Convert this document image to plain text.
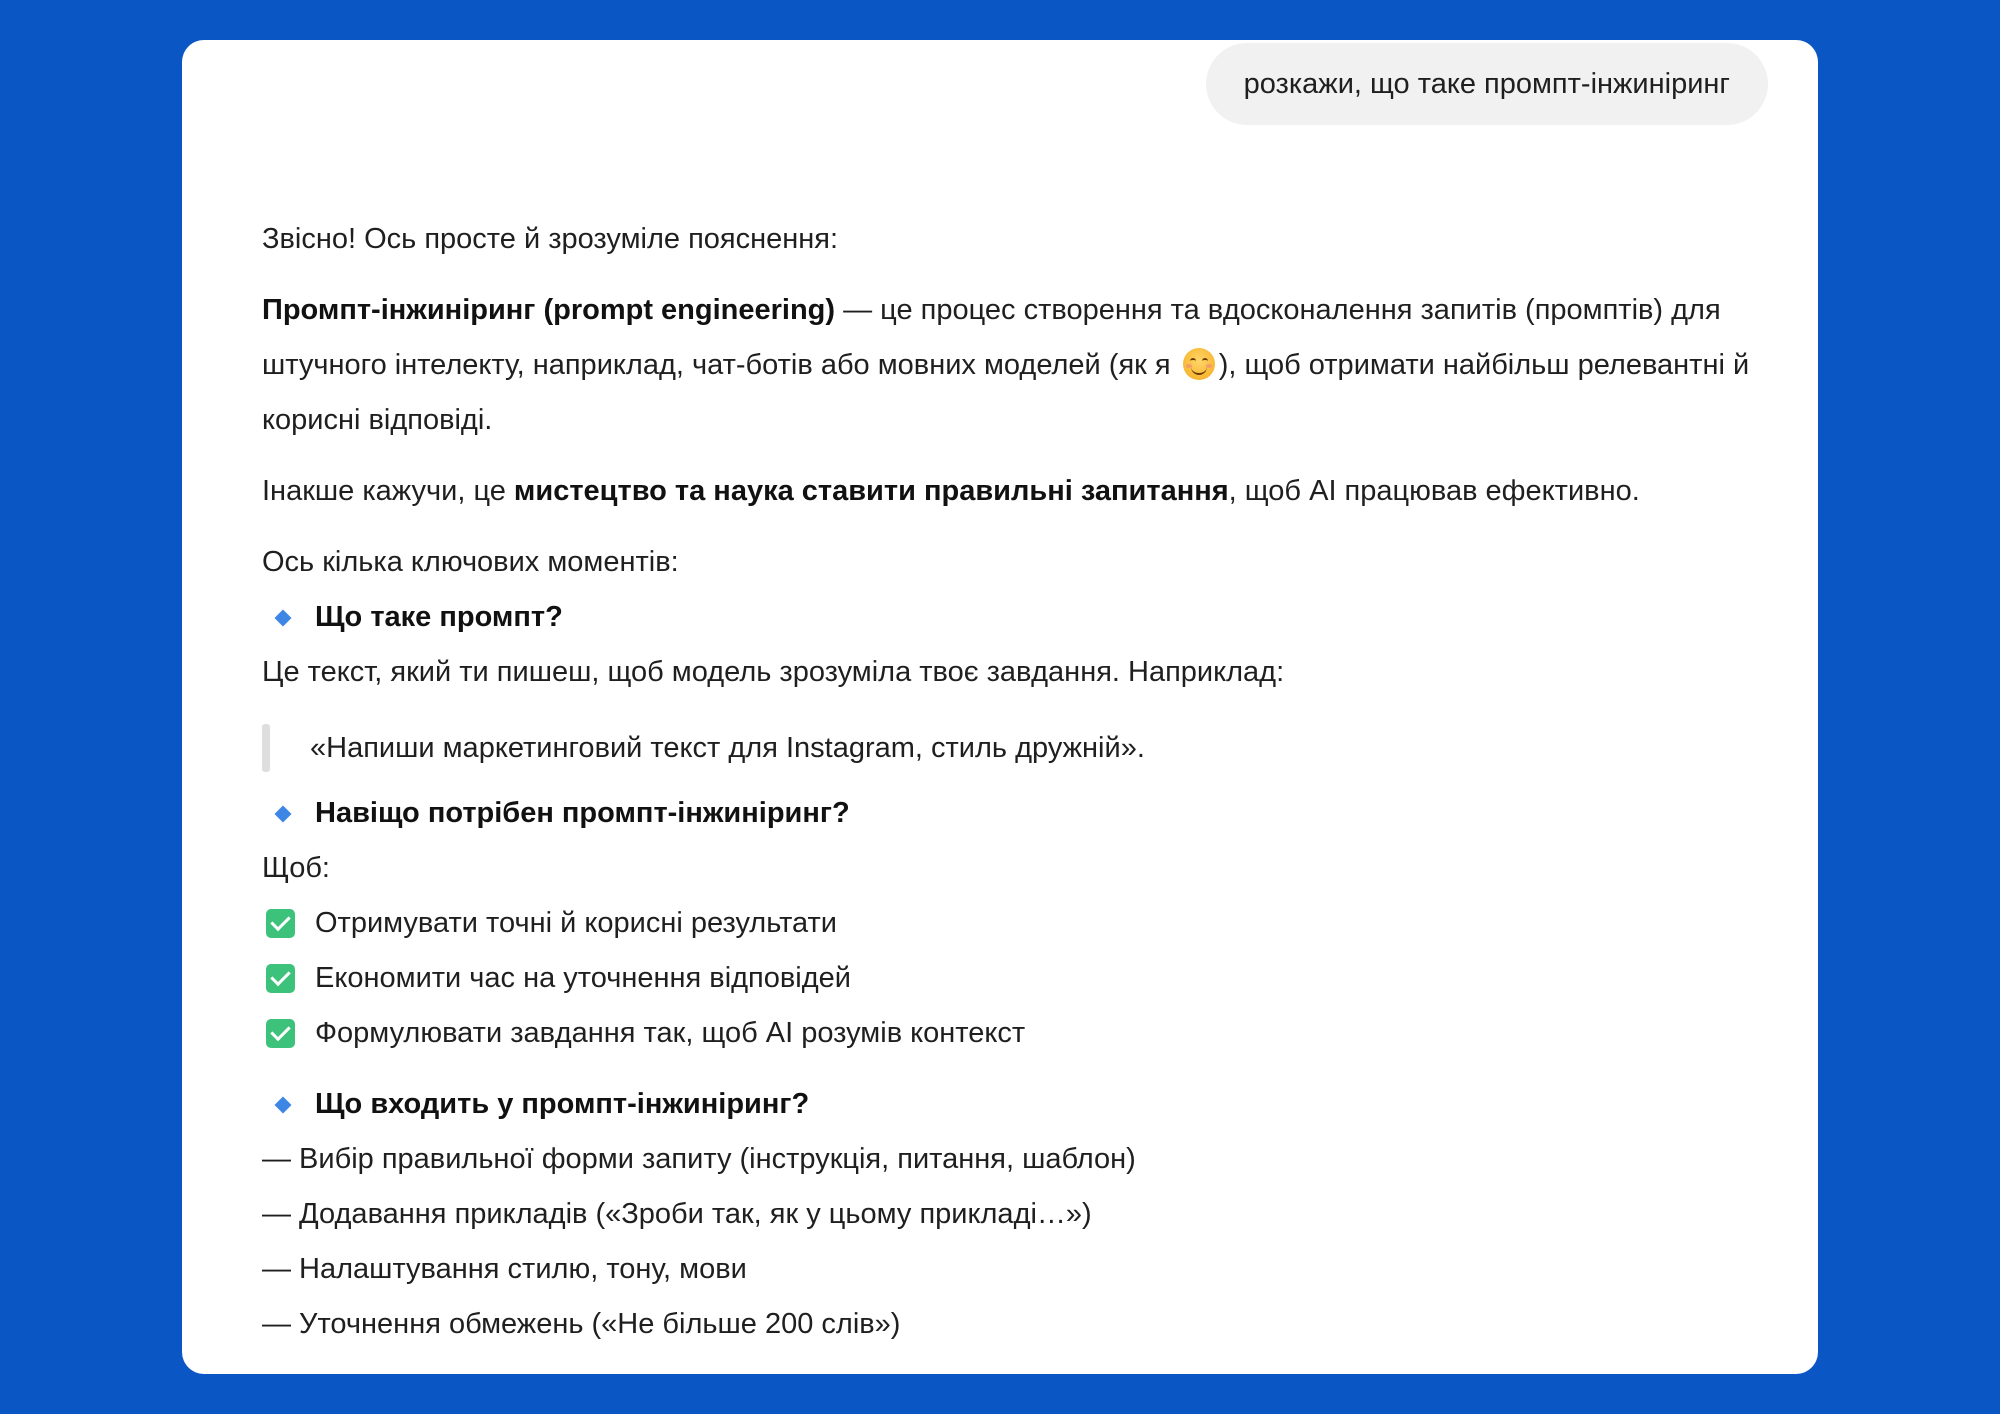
розкажи, що таке промпт-інжиніринг

Звісно! Ось просте й зрозуміле пояснення:

Промпт-інжиніринг (prompt engineering) — це процес створення та вдосконалення запитів (промптів) для штучного інтелекту, наприклад, чат-ботів або мовних моделей (як я ), щоб отримати найбільш релевантні й корисні відповіді.

Інакше кажучи, це мистецтво та наука ставити правильні запитання, щоб AI працював ефективно.

Ось кілька ключових моментів:

Що таке промпт?

Це текст, який ти пишеш, щоб модель зрозуміла твоє завдання. Наприклад:

«Напиши маркетинговий текст для Instagram, стиль дружній».
Навіщо потрібен промпт-інжиніринг?

Щоб:

Отримувати точні й корисні результати
Економити час на уточнення відповідей
Формулювати завдання так, щоб AI розумів контекст
Що входить у промпт-інжиніринг?

— Вибір правильної форми запиту (інструкція, питання, шаблон)

— Додавання прикладів («Зроби так, як у цьому прикладі…»)

— Налаштування стилю, тону, мови

— Уточнення обмежень («Не більше 200 слів»)
